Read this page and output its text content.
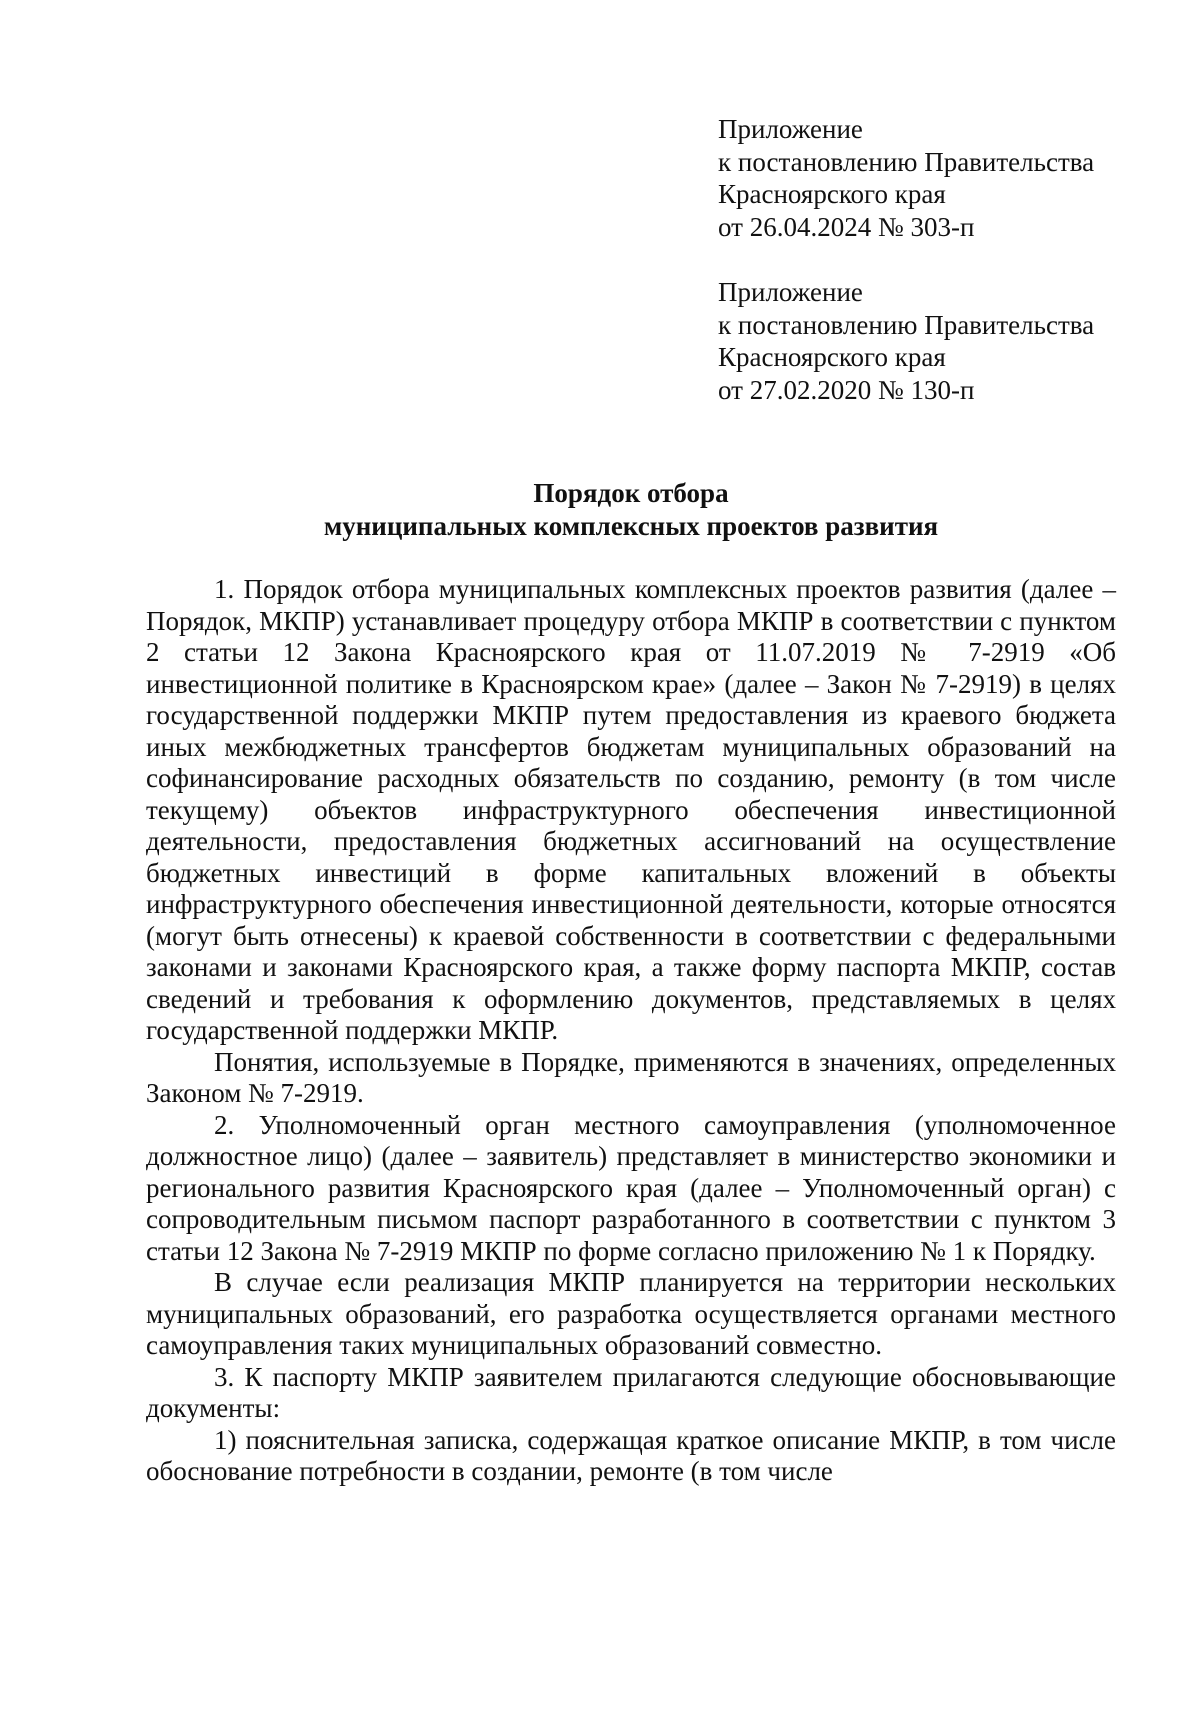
Приложение
к постановлению Правительства
Красноярского края
от 26.04.2024 № 303-п
Приложение
к постановлению Правительства
Красноярского края
от 27.02.2020 № 130-п
Порядок отбора
муниципальных комплексных проектов развития

1. Порядок отбора муниципальных комплексных проектов развития (далее – Порядок, МКПР) устанавливает процедуру отбора МКПР в соответствии с пунктом 2 статьи 12 Закона Красноярского края от 11.07.2019 № 7-2919 «Об инвестиционной политике в Красноярском крае» (далее – Закон № 7-2919) в целях государственной поддержки МКПР путем предоставления из краевого бюджета иных межбюджетных трансфертов бюджетам муниципальных образований на софинансирование расходных обязательств по созданию, ремонту (в том числе текущему) объектов инфраструктурного обеспечения инвестиционной деятельности, предоставления бюджетных ассигнований на осуществление бюджетных инвестиций в форме капитальных вложений в объекты инфраструктурного обеспечения инвестиционной деятельности, которые относятся (могут быть отнесены) к краевой собственности в соответствии с федеральными законами и законами Красноярского края, а также форму паспорта МКПР, состав сведений и требования к оформлению документов, представляемых в целях государственной поддержки МКПР.

Понятия, используемые в Порядке, применяются в значениях, определенных Законом № 7-2919.

2. Уполномоченный орган местного самоуправления (уполномоченное должностное лицо) (далее – заявитель) представляет в министерство экономики и регионального развития Красноярского края (далее – Уполномоченный орган) с сопроводительным письмом паспорт разработанного в соответствии с пунктом 3 статьи 12 Закона № 7-2919 МКПР по форме согласно приложению № 1 к Порядку.

В случае если реализация МКПР планируется на территории нескольких муниципальных образований, его разработка осуществляется органами местного самоуправления таких муниципальных образований совместно.

3. К паспорту МКПР заявителем прилагаются следующие обосновывающие документы:

1) пояснительная записка, содержащая краткое описание МКПР, в том числе обоснование потребности в создании, ремонте (в том числе
